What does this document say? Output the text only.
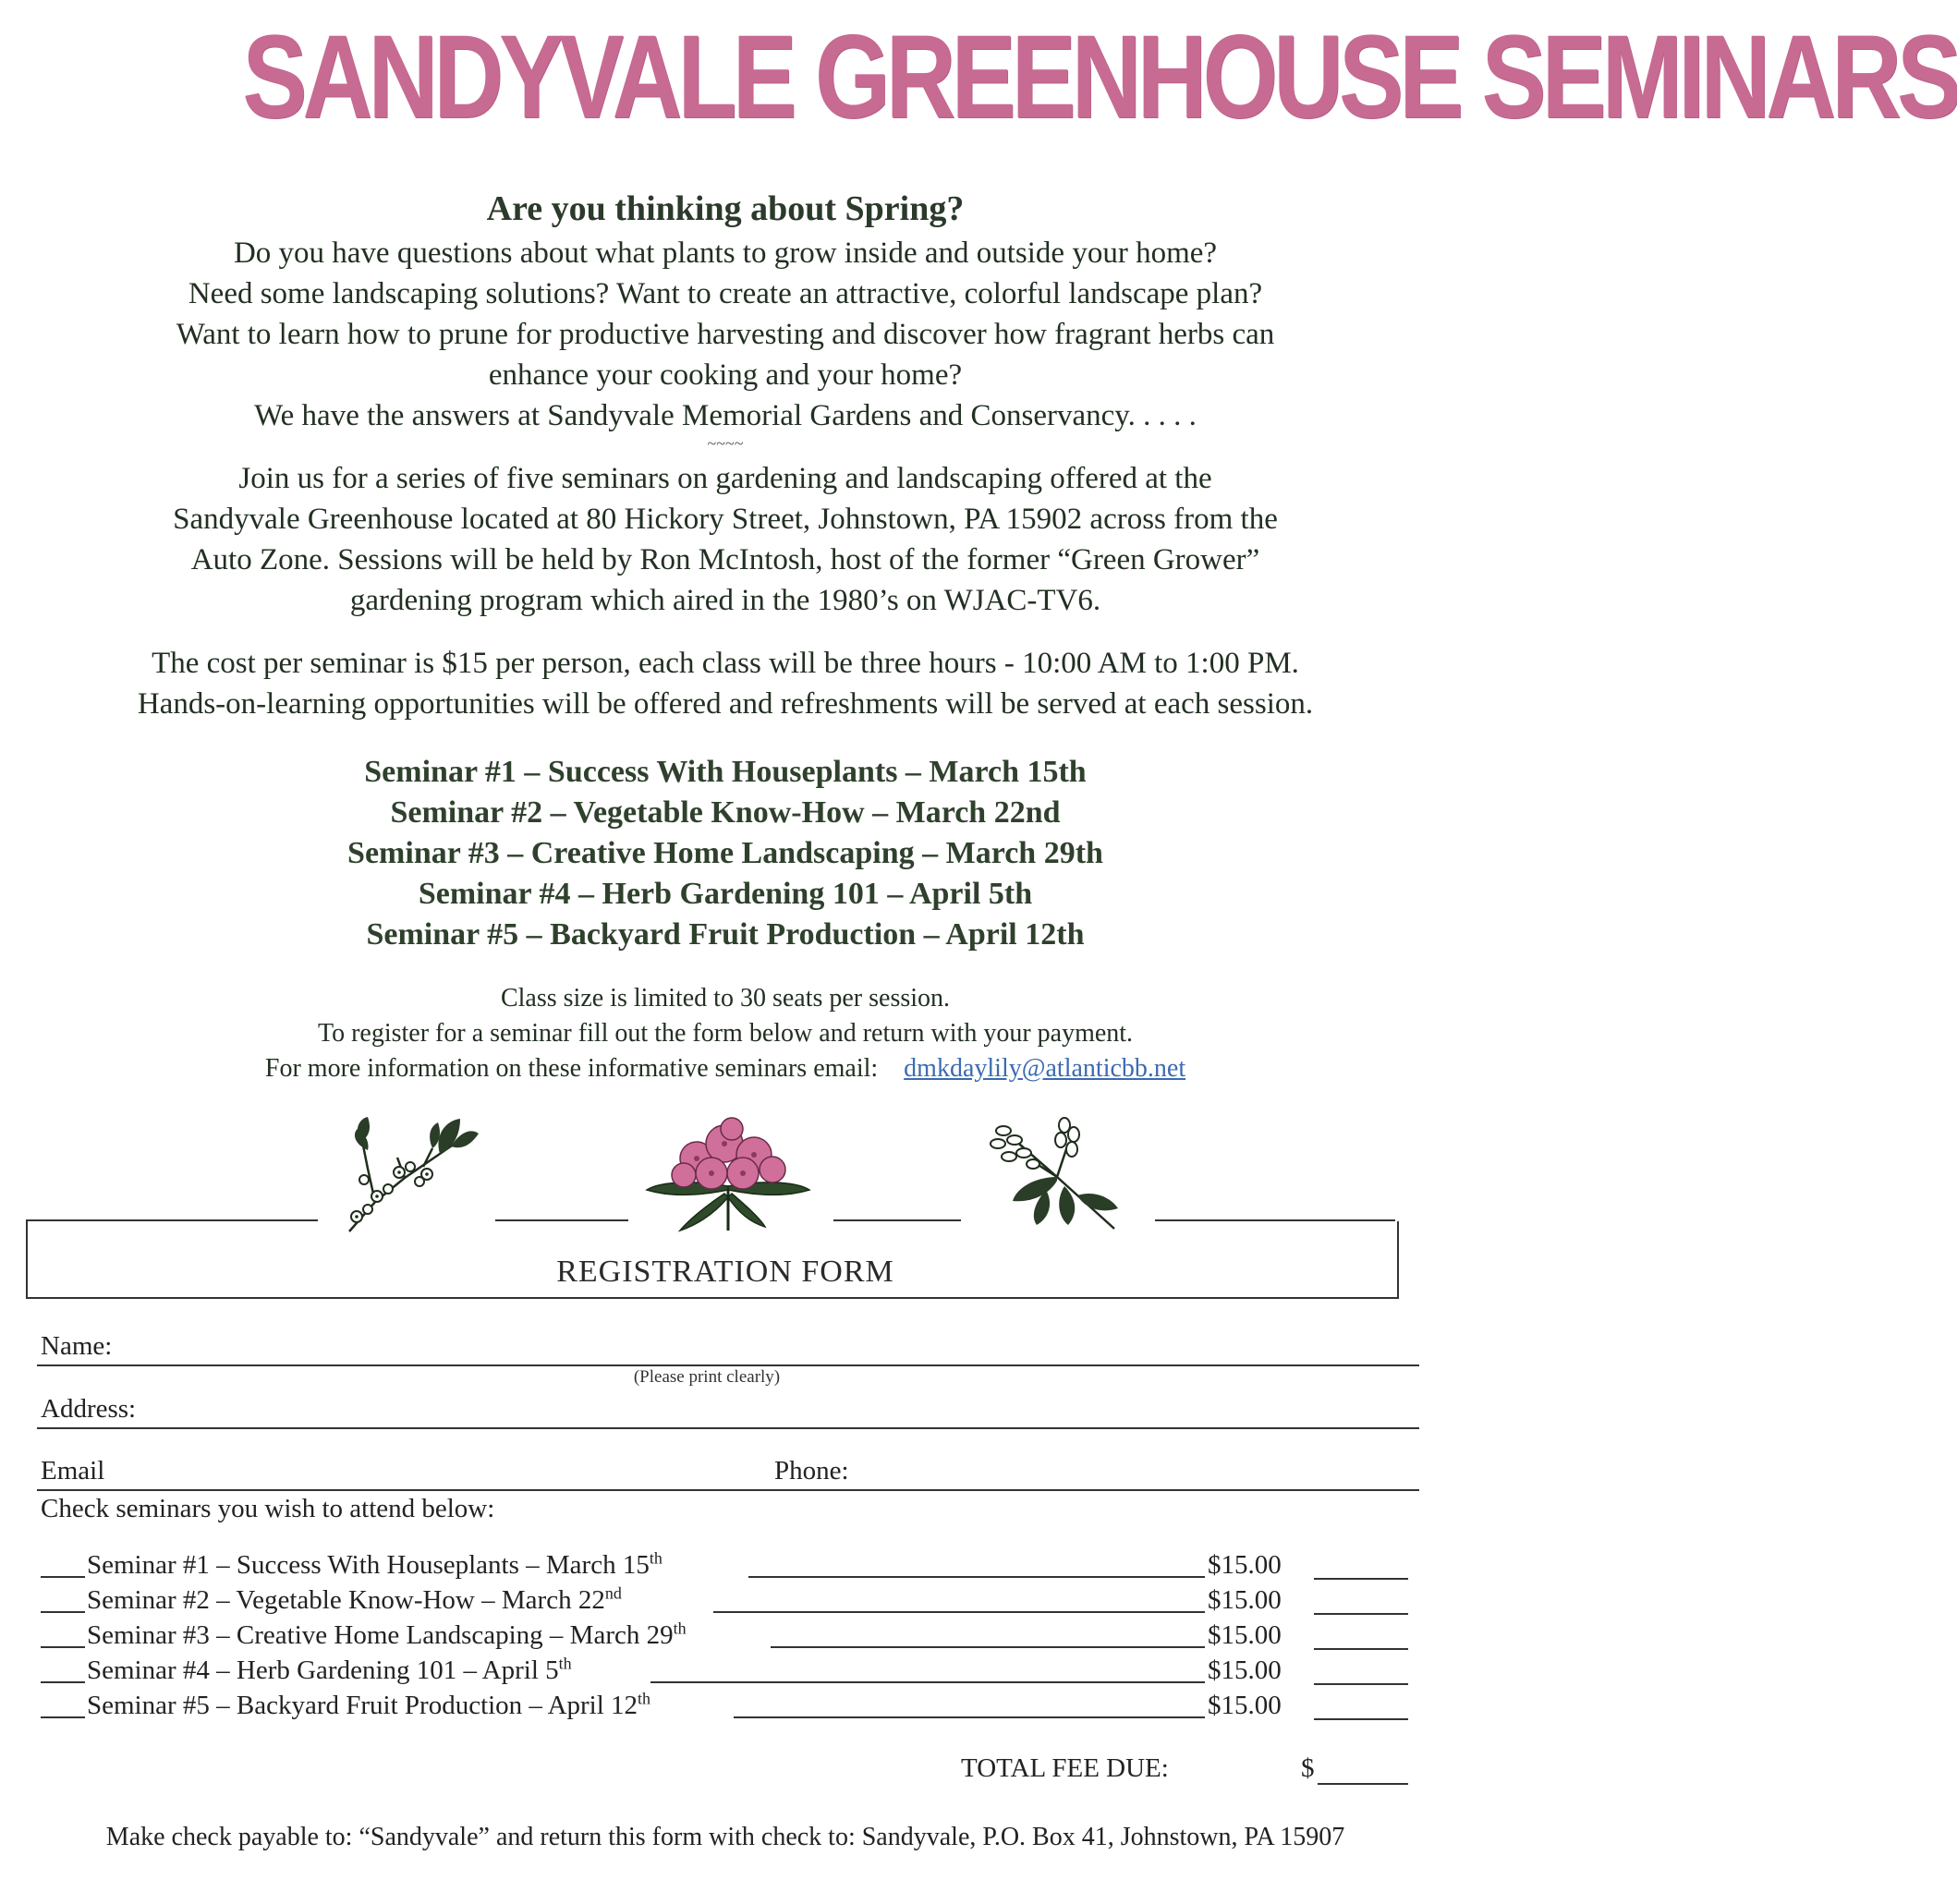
SANDYVALE GREENHOUSE SEMINARS
Are you thinking about Spring?
Do you have questions about what plants to grow inside and outside your home?
Need some landscaping solutions? Want to create an attractive, colorful landscape plan?
Want to learn how to prune for productive harvesting and discover how fragrant herbs can
enhance your cooking and your home?
We have the answers at Sandyvale Memorial Gardens and Conservancy. . . . .
~~~~
Join us for a series of five seminars on gardening and landscaping offered at the
Sandyvale Greenhouse located at 80 Hickory Street, Johnstown, PA 15902 across from the
Auto Zone. Sessions will be held by Ron McIntosh, host of the former “Green Grower”
gardening program which aired in the 1980’s on WJAC-TV6.
The cost per seminar is $15 per person, each class will be three hours - 10:00 AM to 1:00 PM.
Hands-on-learning opportunities will be offered and refreshments will be served at each session.
Seminar #1 – Success With Houseplants – March 15th
Seminar #2 – Vegetable Know-How – March 22nd
Seminar #3 – Creative Home Landscaping – March 29th
Seminar #4 – Herb Gardening 101 – April 5th
Seminar #5 – Backyard Fruit Production – April 12th
Class size is limited to 30 seats per session.
To register for a seminar fill out the form below and return with your payment.
For more information on these informative seminars email: dmkdaylily@atlanticbb.net
REGISTRATION FORM
Name:
(Please print clearly)
Address:
Email	Phone:
Check seminars you wish to attend below:
Seminar #1 – Success With Houseplants – March 15th	$15.00
Seminar #2 – Vegetable Know-How – March 22nd	$15.00
Seminar #3 – Creative Home Landscaping – March 29th	$15.00
Seminar #4 – Herb Gardening 101 – April 5th	$15.00
Seminar #5 – Backyard Fruit Production – April 12th	$15.00
TOTAL FEE DUE:	$
Make check payable to: “Sandyvale” and return this form with check to: Sandyvale, P.O. Box 41, Johnstown, PA 15907
